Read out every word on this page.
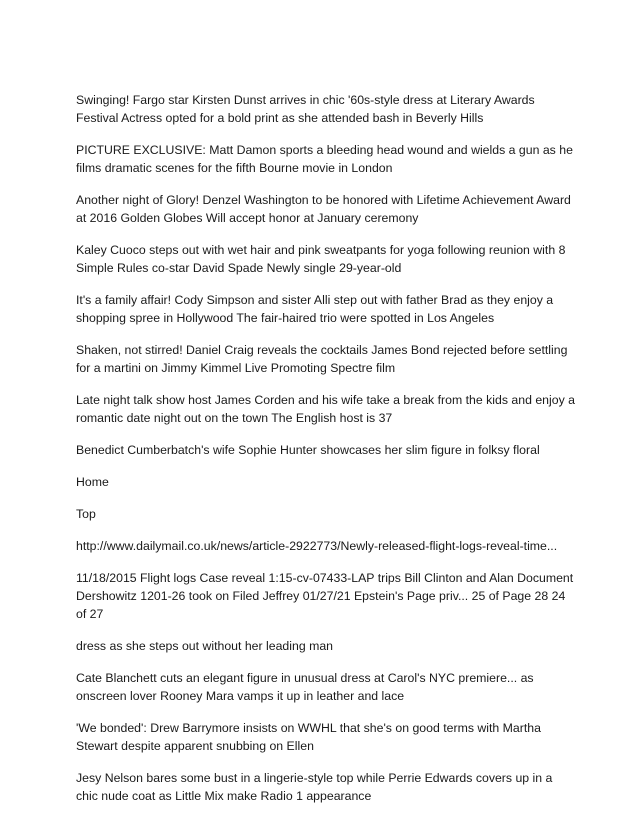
Swinging! Fargo star Kirsten Dunst arrives in chic '60s-style dress at Literary Awards Festival Actress opted for a bold print as she attended bash in Beverly Hills

PICTURE EXCLUSIVE: Matt Damon sports a bleeding head wound and wields a gun as he films dramatic scenes for the fifth Bourne movie in London

Another night of Glory! Denzel Washington to be honored with Lifetime Achievement Award at 2016 Golden Globes Will accept honor at January ceremony

Kaley Cuoco steps out with wet hair and pink sweatpants for yoga following reunion with 8 Simple Rules co-star David Spade Newly single 29-year-old

It's a family affair! Cody Simpson and sister Alli step out with father Brad as they enjoy a shopping spree in Hollywood The fair-haired trio were spotted in Los Angeles

Shaken, not stirred! Daniel Craig reveals the cocktails James Bond rejected before settling for a martini on Jimmy Kimmel Live Promoting Spectre film

Late night talk show host James Corden and his wife take a break from the kids and enjoy a romantic date night out on the town The English host is 37

Benedict Cumberbatch's wife Sophie Hunter showcases her slim figure in folksy floral

Home

Top

http://www.dailymail.co.uk/news/article-2922773/Newly-released-flight-logs-reveal-time...

11/18/2015 Flight logs Case reveal 1:15-cv-07433-LAP trips Bill Clinton and Alan Document Dershowitz 1201-26 took on Filed Jeffrey 01/27/21 Epstein's Page priv... 25 of Page 28 24 of 27

dress as she steps out without her leading man

Cate Blanchett cuts an elegant figure in unusual dress at Carol's NYC premiere... as onscreen lover Rooney Mara vamps it up in leather and lace

'We bonded': Drew Barrymore insists on WWHL that she's on good terms with Martha Stewart despite apparent snubbing on Ellen

Jesy Nelson bares some bust in a lingerie-style top while Perrie Edwards covers up in a chic nude coat as Little Mix make Radio 1 appearance
